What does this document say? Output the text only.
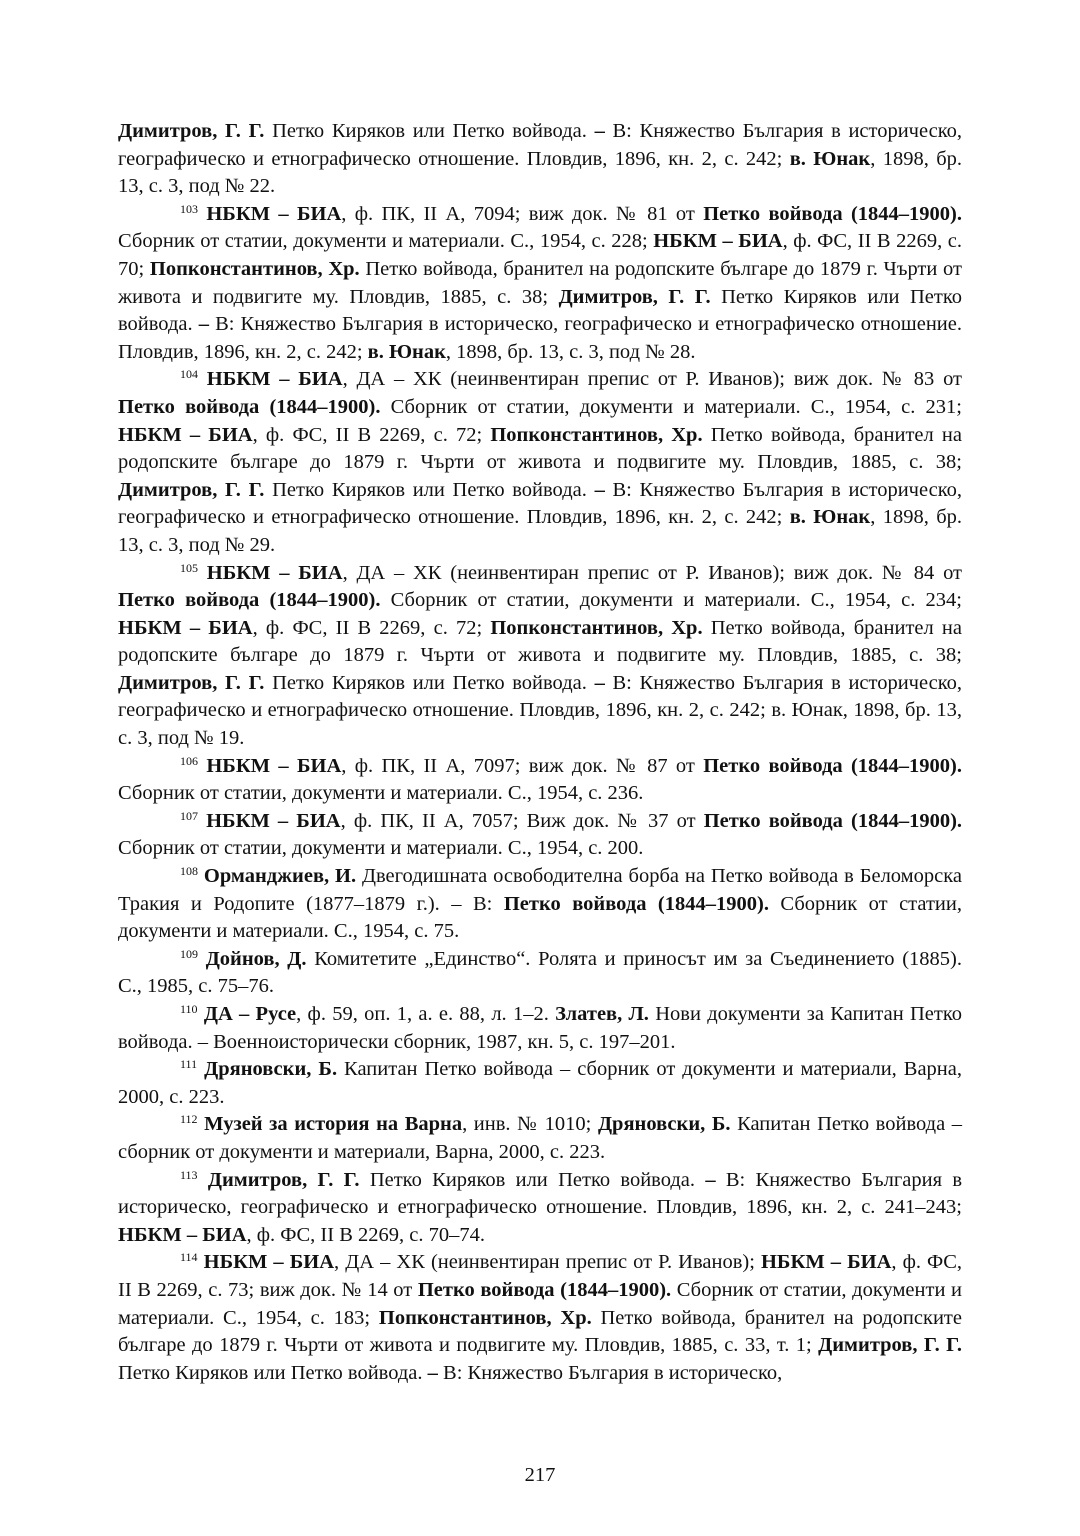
Димитров, Г. Г. Петко Киряков или Петко войвода. – В: Княжество България в историческо, географическо и етнографическо отношение. Пловдив, 1896, кн. 2, с. 242; в. Юнак, 1898, бр. 13, с. 3, под № 22.

$^{103}$ НБКМ – БИА, ф. ПК, II А, 7094; виж док. № 81 от Петко войвода (1844–1900). Сборник от статии, документи и материали. С., 1954, с. 228; НБКМ – БИА, ф. ФС, II В 2269, с. 70; Попконстантинов, Хр. Петко войвода, бранител на родопските българе до 1879 г. Чърти от живота и подвигите му. Пловдив, 1885, с. 38; Димитров, Г. Г. Петко Киряков или Петко войвода. – В: Княжество България в историческо, географическо и етнографическо отношение. Пловдив, 1896, кн. 2, с. 242; в. Юнак, 1898, бр. 13, с. 3, под № 28.

$^{104}$ НБКМ – БИА, ДА – ХК (неинвентиран препис от Р. Иванов); виж док. № 83 от Петко войвода (1844–1900). Сборник от статии, документи и материали. С., 1954, с. 231; НБКМ – БИА, ф. ФС, II В 2269, с. 72; Попконстантинов, Хр. Петко войвода, бранител на родопските българе до 1879 г. Чърти от живота и подвигите му. Пловдив, 1885, с. 38; Димитров, Г. Г. Петко Киряков или Петко войвода. – В: Княжество България в историческо, географическо и етнографическо отношение. Пловдив, 1896, кн. 2, с. 242; в. Юнак, 1898, бр. 13, с. 3, под № 29.

$^{105}$ НБКМ – БИА, ДА – ХК (неинвентиран препис от Р. Иванов); виж док. № 84 от Петко войвода (1844–1900). Сборник от статии, документи и материали. С., 1954, с. 234; НБКМ – БИА, ф. ФС, II В 2269, с. 72; Попконстантинов, Хр. Петко войвода, бранител на родопските българе до 1879 г. Чърти от живота и подвигите му. Пловдив, 1885, с. 38; Димитров, Г. Г. Петко Киряков или Петко войвода. – В: Княжество България в историческо, географическо и етнографическо отношение. Пловдив, 1896, кн. 2, с. 242; в. Юнак, 1898, бр. 13, с. 3, под № 19.

$^{106}$ НБКМ – БИА, ф. ПК, II А, 7097; виж док. № 87 от Петко войвода (1844–1900). Сборник от статии, документи и материали. С., 1954, с. 236.

$^{107}$ НБКМ – БИА, ф. ПК, II А, 7057; Виж док. № 37 от Петко войвода (1844–1900). Сборник от статии, документи и материали. С., 1954, с. 200.

$^{108}$ Орманджиев, И. Двегодишната освободителна борба на Петко войвода в Беломорска Тракия и Родопите (1877–1879 г.). – В: Петко войвода (1844–1900). Сборник от статии, документи и материали. С., 1954, с. 75.

$^{109}$ Дойнов, Д. Комитетите „Единство“. Ролята и приносът им за Съединението (1885). С., 1985, с. 75–76.

$^{110}$ ДА – Русе, ф. 59, оп. 1, а. е. 88, л. 1–2. Златев, Л. Нови документи за Капитан Петко войвода. – Военноисторически сборник, 1987, кн. 5, с. 197–201.

$^{111}$ Дряновски, Б. Капитан Петко войвода – сборник от документи и материали, Варна, 2000, с. 223.

$^{112}$ Музей за история на Варна, инв. № 1010; Дряновски, Б. Капитан Петко войвода – сборник от документи и материали, Варна, 2000, с. 223.

$^{113}$ Димитров, Г. Г. Петко Киряков или Петко войвода. – В: Княжество България в историческо, географическо и етнографическо отношение. Пловдив, 1896, кн. 2, с. 241–243; НБКМ – БИА, ф. ФС, II В 2269, с. 70–74.

$^{114}$ НБКМ – БИА, ДА – ХК (неинвентиран препис от Р. Иванов); НБКМ – БИА, ф. ФС, II В 2269, с. 73; виж док. № 14 от Петко войвода (1844–1900). Сборник от статии, документи и материали. С., 1954, с. 183; Попконстантинов, Хр. Петко войвода, бранител на родопските българе до 1879 г. Чърти от живота и подвигите му. Пловдив, 1885, с. 33, т. 1; Димитров, Г. Г. Петко Киряков или Петко войвода. – В: Княжество България в историческо,

217
